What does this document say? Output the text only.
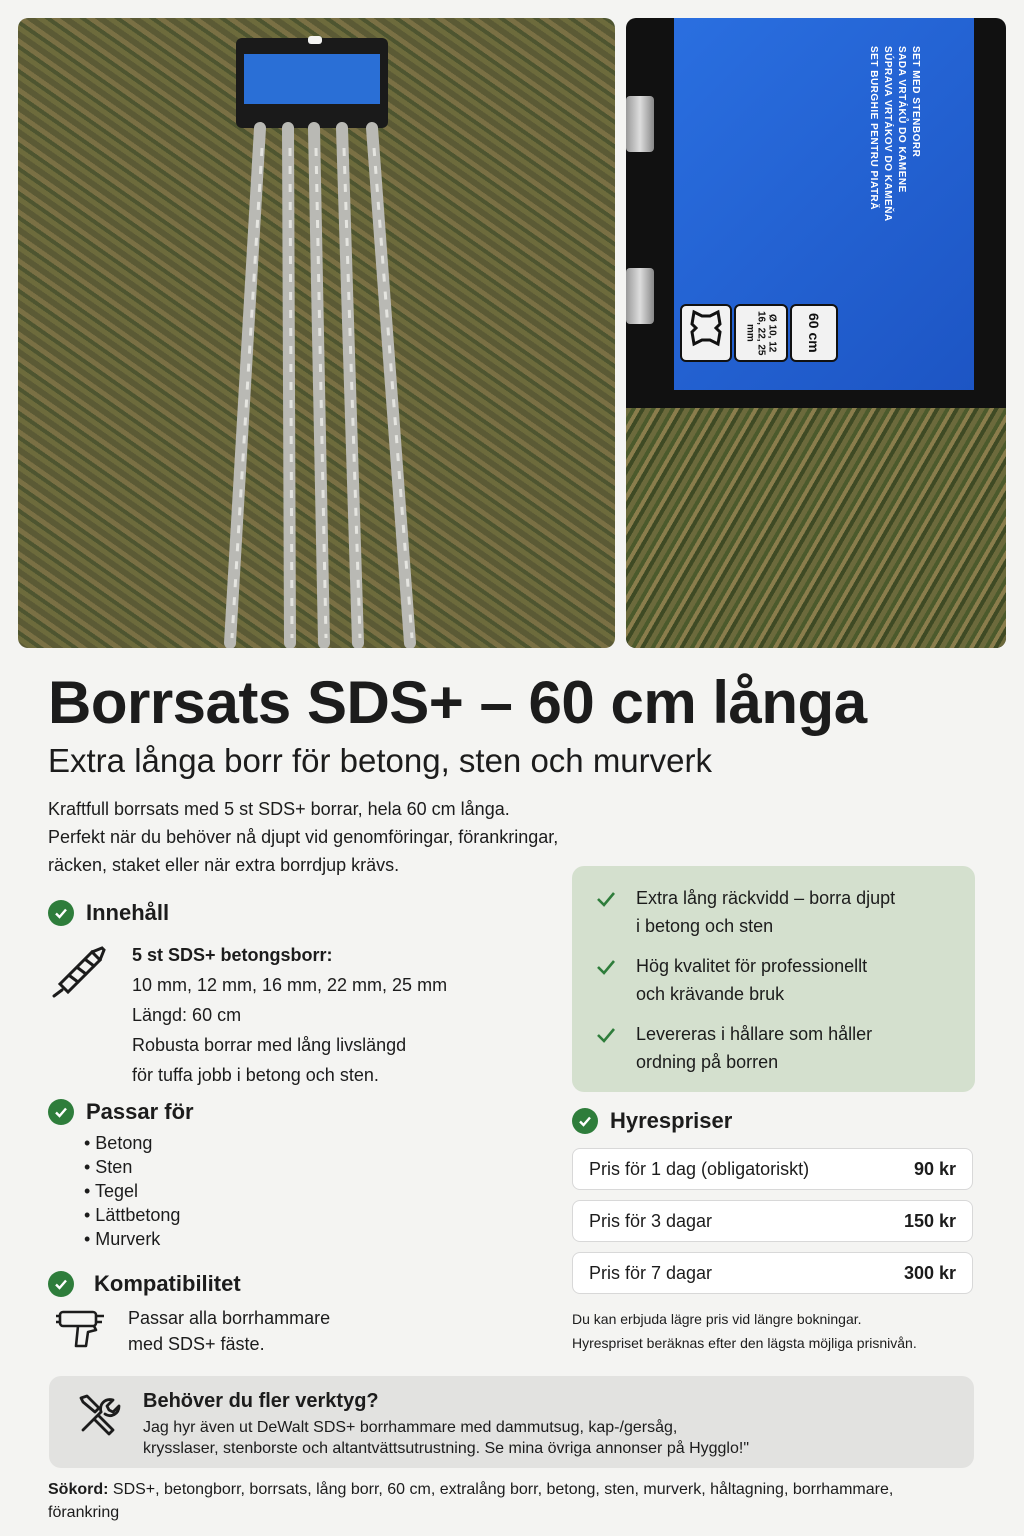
SET MED STENBORR
SADA VRTÁKŮ DO KAMENE
SÚPRAVA VRTÁKOV DO KAMEŇA
SET BURGHIE PENTRU PIATRĂ
Ø 10, 12 16, 22, 25 mm	60 cm
Borrsats SDS+ – 60 cm långa
Extra långa borr för betong, sten och murverk
Kraftfull borrsats med 5 st SDS+ borrar, hela 60 cm långa.
Perfekt när du behöver nå djupt vid genomföringar, förankringar,
räcken, staket eller när extra borrdjup krävs.
Innehåll
5 st SDS+ betongsborr:
10 mm, 12 mm, 16 mm, 22 mm, 25 mm
Längd: 60 cm
Robusta borrar med lång livslängd
för tuffa jobb i betong och sten.
Passar för
• Betong
• Sten
• Tegel
• Lättbetong
• Murverk
Kompatibilitet
Passar alla borrhammare
med SDS+ fäste.
Extra lång räckvidd – borra djupt
i betong och sten
Hög kvalitet för professionellt
och krävande bruk
Levereras i hållare som håller
ordning på borren
Hyrespriser
Pris för 1 dag (obligatoriskt)	90 kr
Pris för 3 dagar	150 kr
Pris för 7 dagar	300 kr
Du kan erbjuda lägre pris vid längre bokningar.
Hyrespriset beräknas efter den lägsta möjliga prisnivån.
Behöver du fler verktyg?
Jag hyr även ut DeWalt SDS+ borrhammare med dammutsug, kap-/gersåg,
krysslaser, stenborste och altantvättsutrustning. Se mina övriga annonser på Hygglo!"
Sökord: SDS+, betongborr, borrsats, lång borr, 60 cm, extralång borr, betong, sten, murverk, håltagning, borrhammare, förankring
